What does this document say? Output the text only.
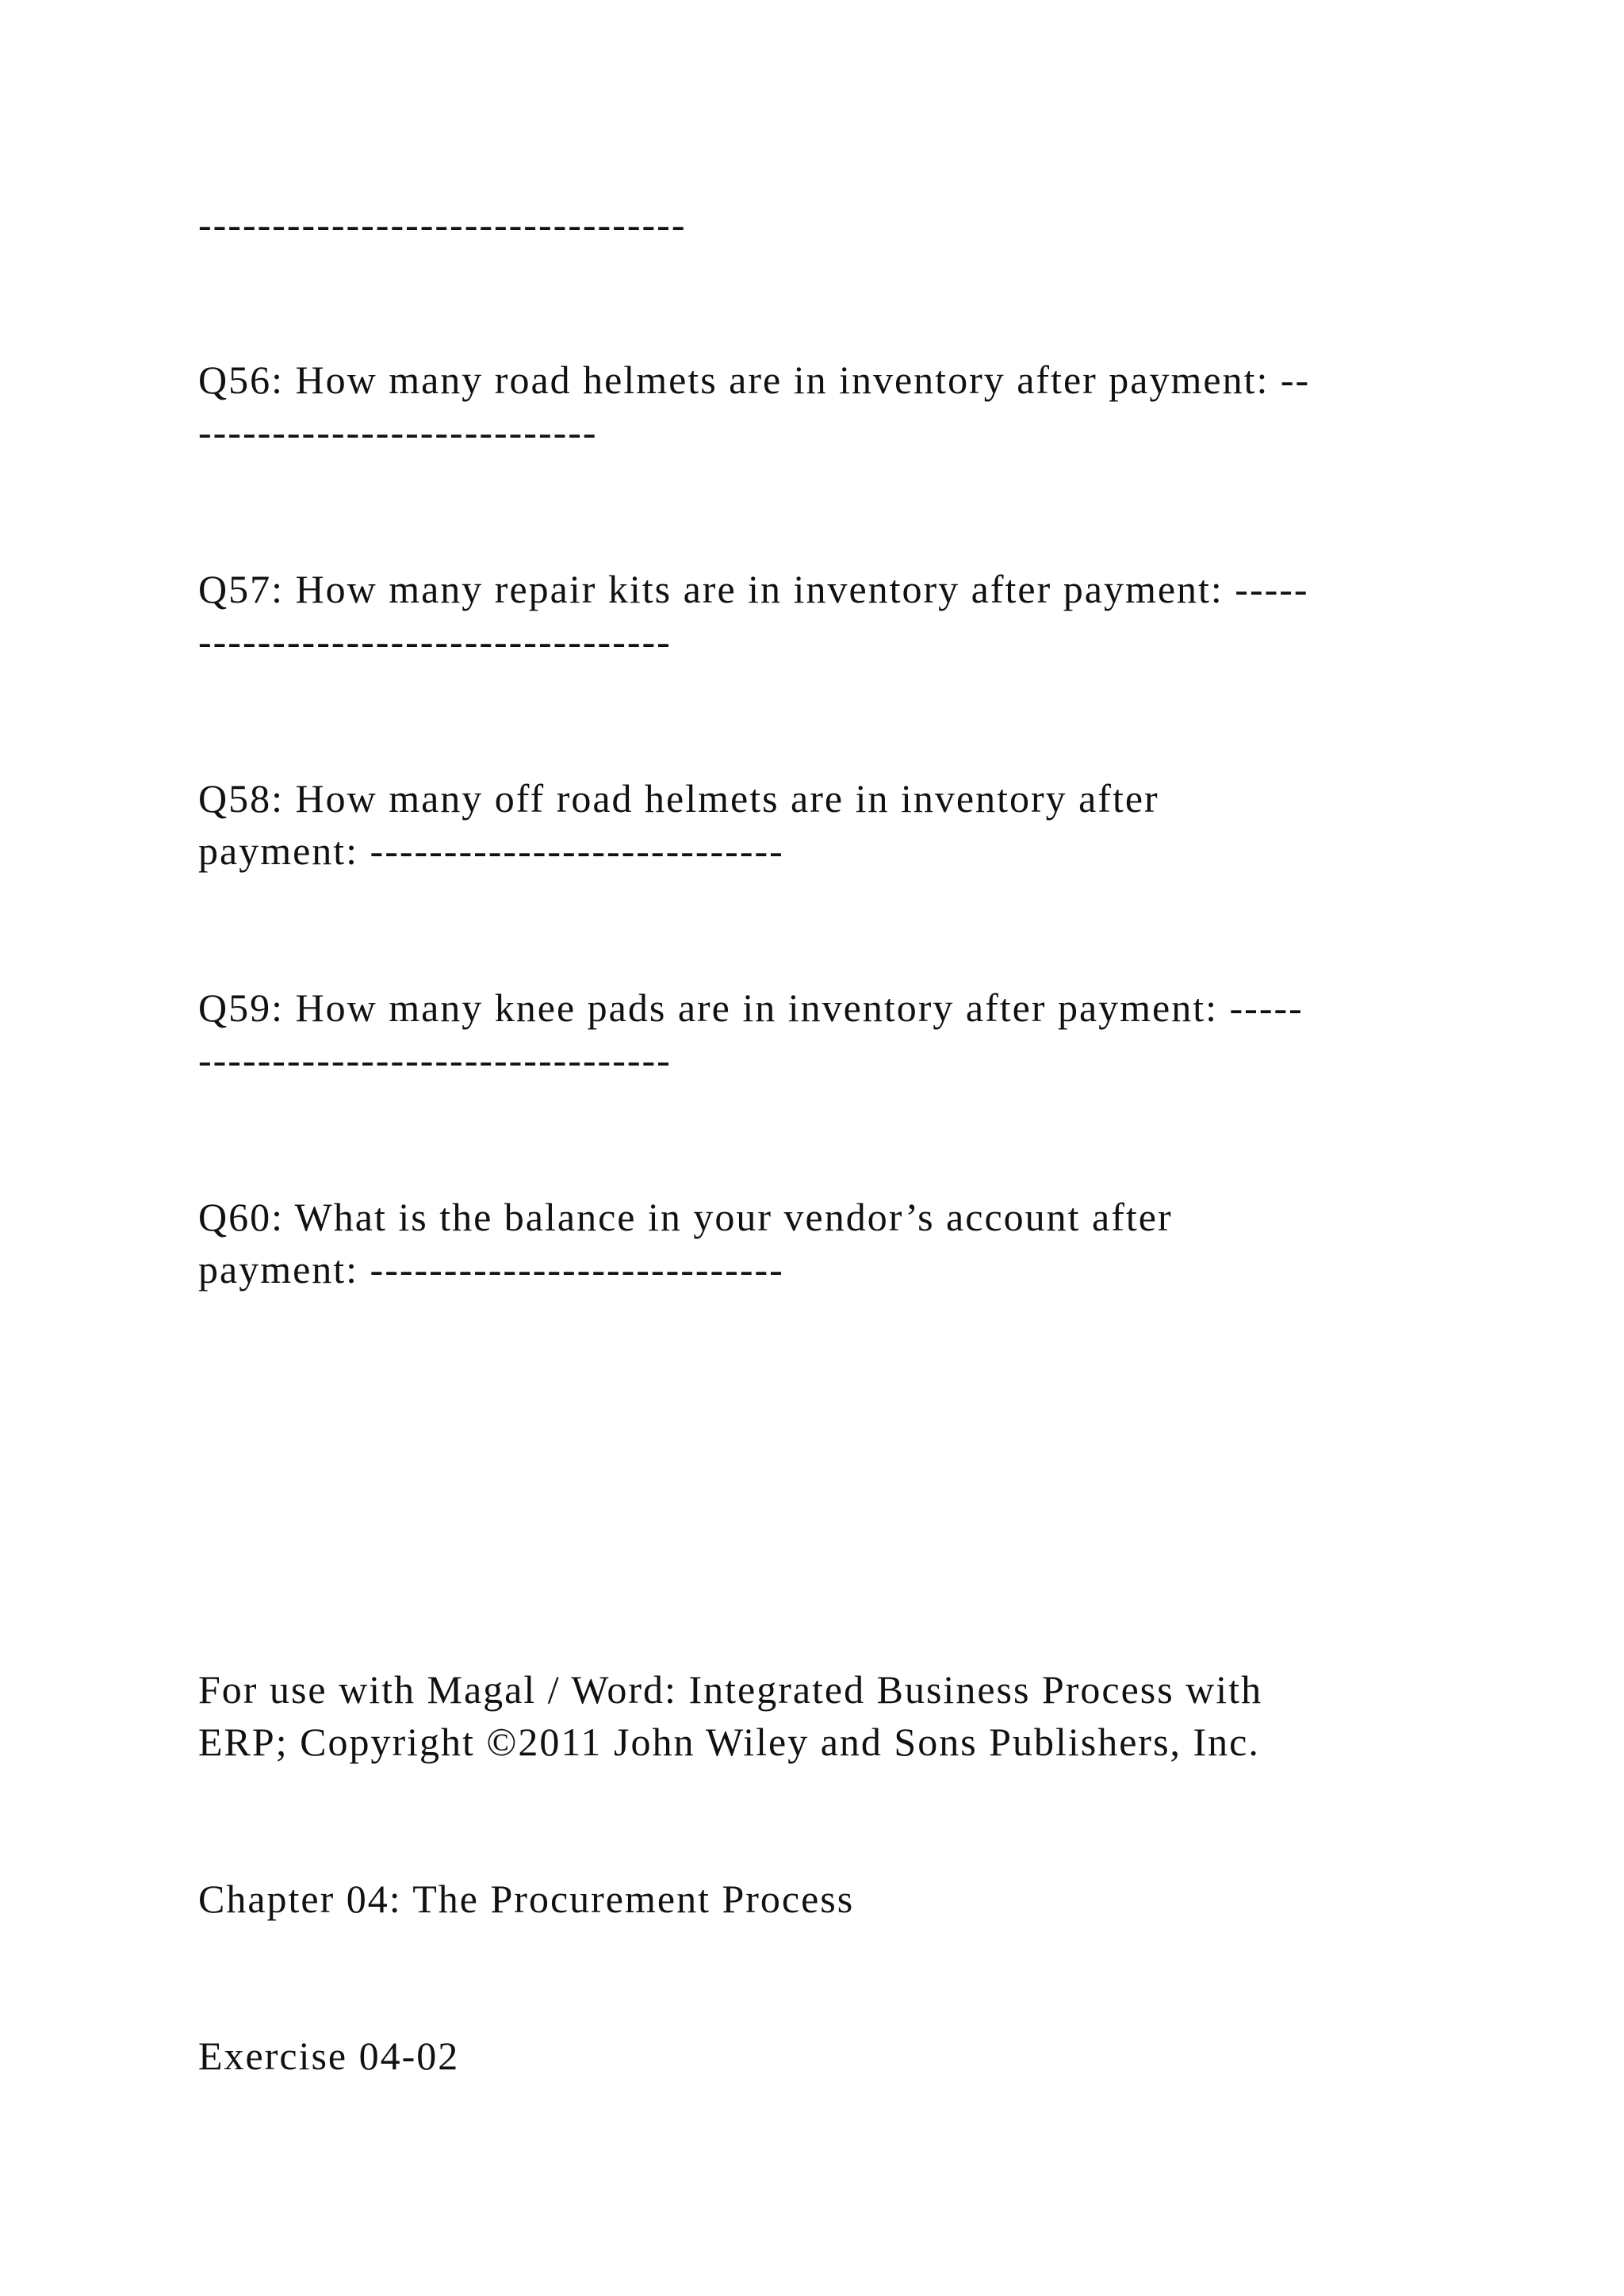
---------------------------------
Q56: How many road helmets are in inventory after payment: --
---------------------------
Q57: How many repair kits are in inventory after payment: -----
--------------------------------
Q58: How many off road helmets are in inventory after
payment: ----------------------------
Q59: How many knee pads are in inventory after payment: -----
--------------------------------
Q60: What is the balance in your vendor’s account after
payment: ----------------------------
For use with Magal / Word: Integrated Business Process with
ERP; Copyright ©2011 John Wiley and Sons Publishers, Inc.
Chapter 04: The Procurement Process
Exercise 04-02
